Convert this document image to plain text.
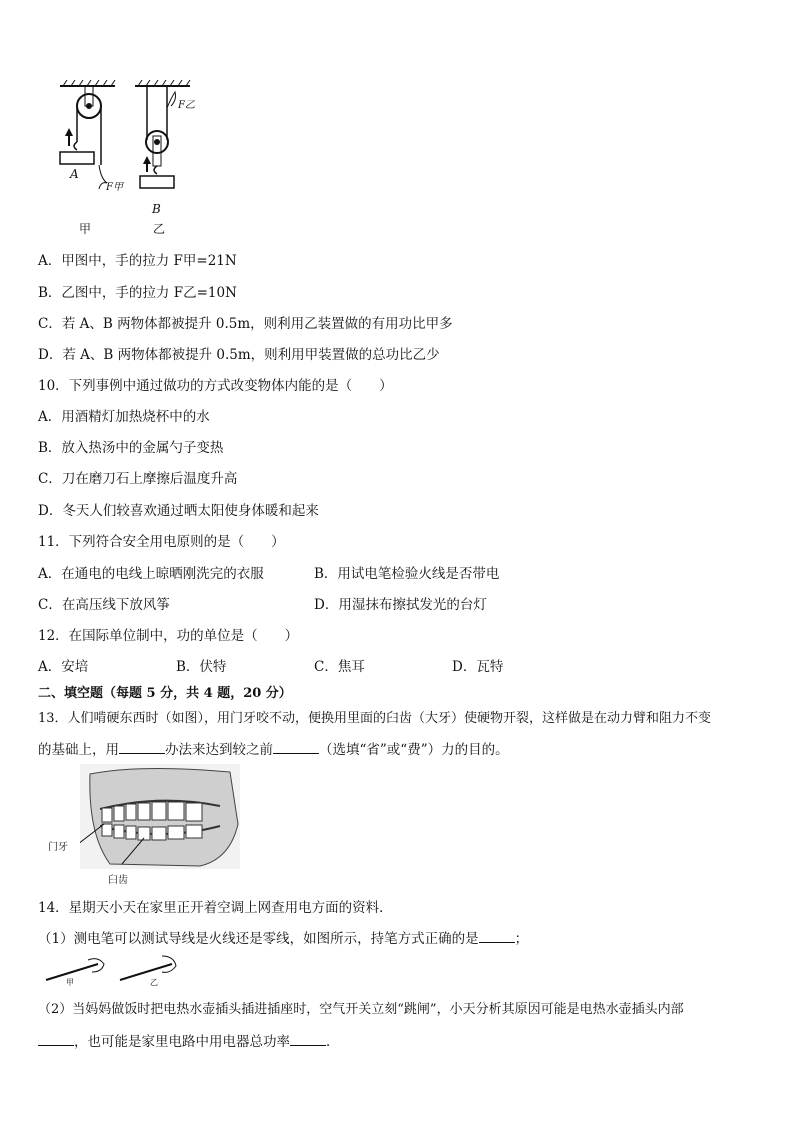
A
F甲
F乙
B
甲	乙
A．甲图中，手的拉力 F甲=21N
B．乙图中，手的拉力 F乙=10N
C．若 A、B 两物体都被提升 0.5m，则利用乙装置做的有用功比甲多
D．若 A、B 两物体都被提升 0.5m，则利用甲装置做的总功比乙少
10．下列事例中通过做功的方式改变物体内能的是（　　）
A．用酒精灯加热烧杯中的水
B．放入热汤中的金属勺子变热
C．刀在磨刀石上摩擦后温度升高
D．冬天人们较喜欢通过晒太阳使身体暖和起来
11．下列符合安全用电原则的是（　　）
A．在通电的电线上晾晒刚洗完的衣服	B．用试电笔检验火线是否带电
C．在高压线下放风筝	D．用湿抹布擦拭发光的台灯
12．在国际单位制中，功的单位是（　　）
A．安培	B．伏特	C．焦耳	D．瓦特
二、填空题（每题 5 分，共 4 题，20 分）
13．人们啃硬东西时（如图），用门牙咬不动，便换用里面的臼齿（大牙）使硬物开裂，这样做是在动力臂和阻力不变
的基础上，用	办法来达到较之前	（选填“省”或“费”）力的目的。
门牙
臼齿
14．星期天小天在家里正开着空调上网查用电方面的资料．
（1）测电笔可以测试导线是火线还是零线，如图所示，持笔方式正确的是	；
甲	乙
（2）当妈妈做饭时把电热水壶插头插进插座时，空气开关立刻“跳闸”，小天分析其原因可能是电热水壶插头内部
，也可能是家里电路中用电器总功率	．
